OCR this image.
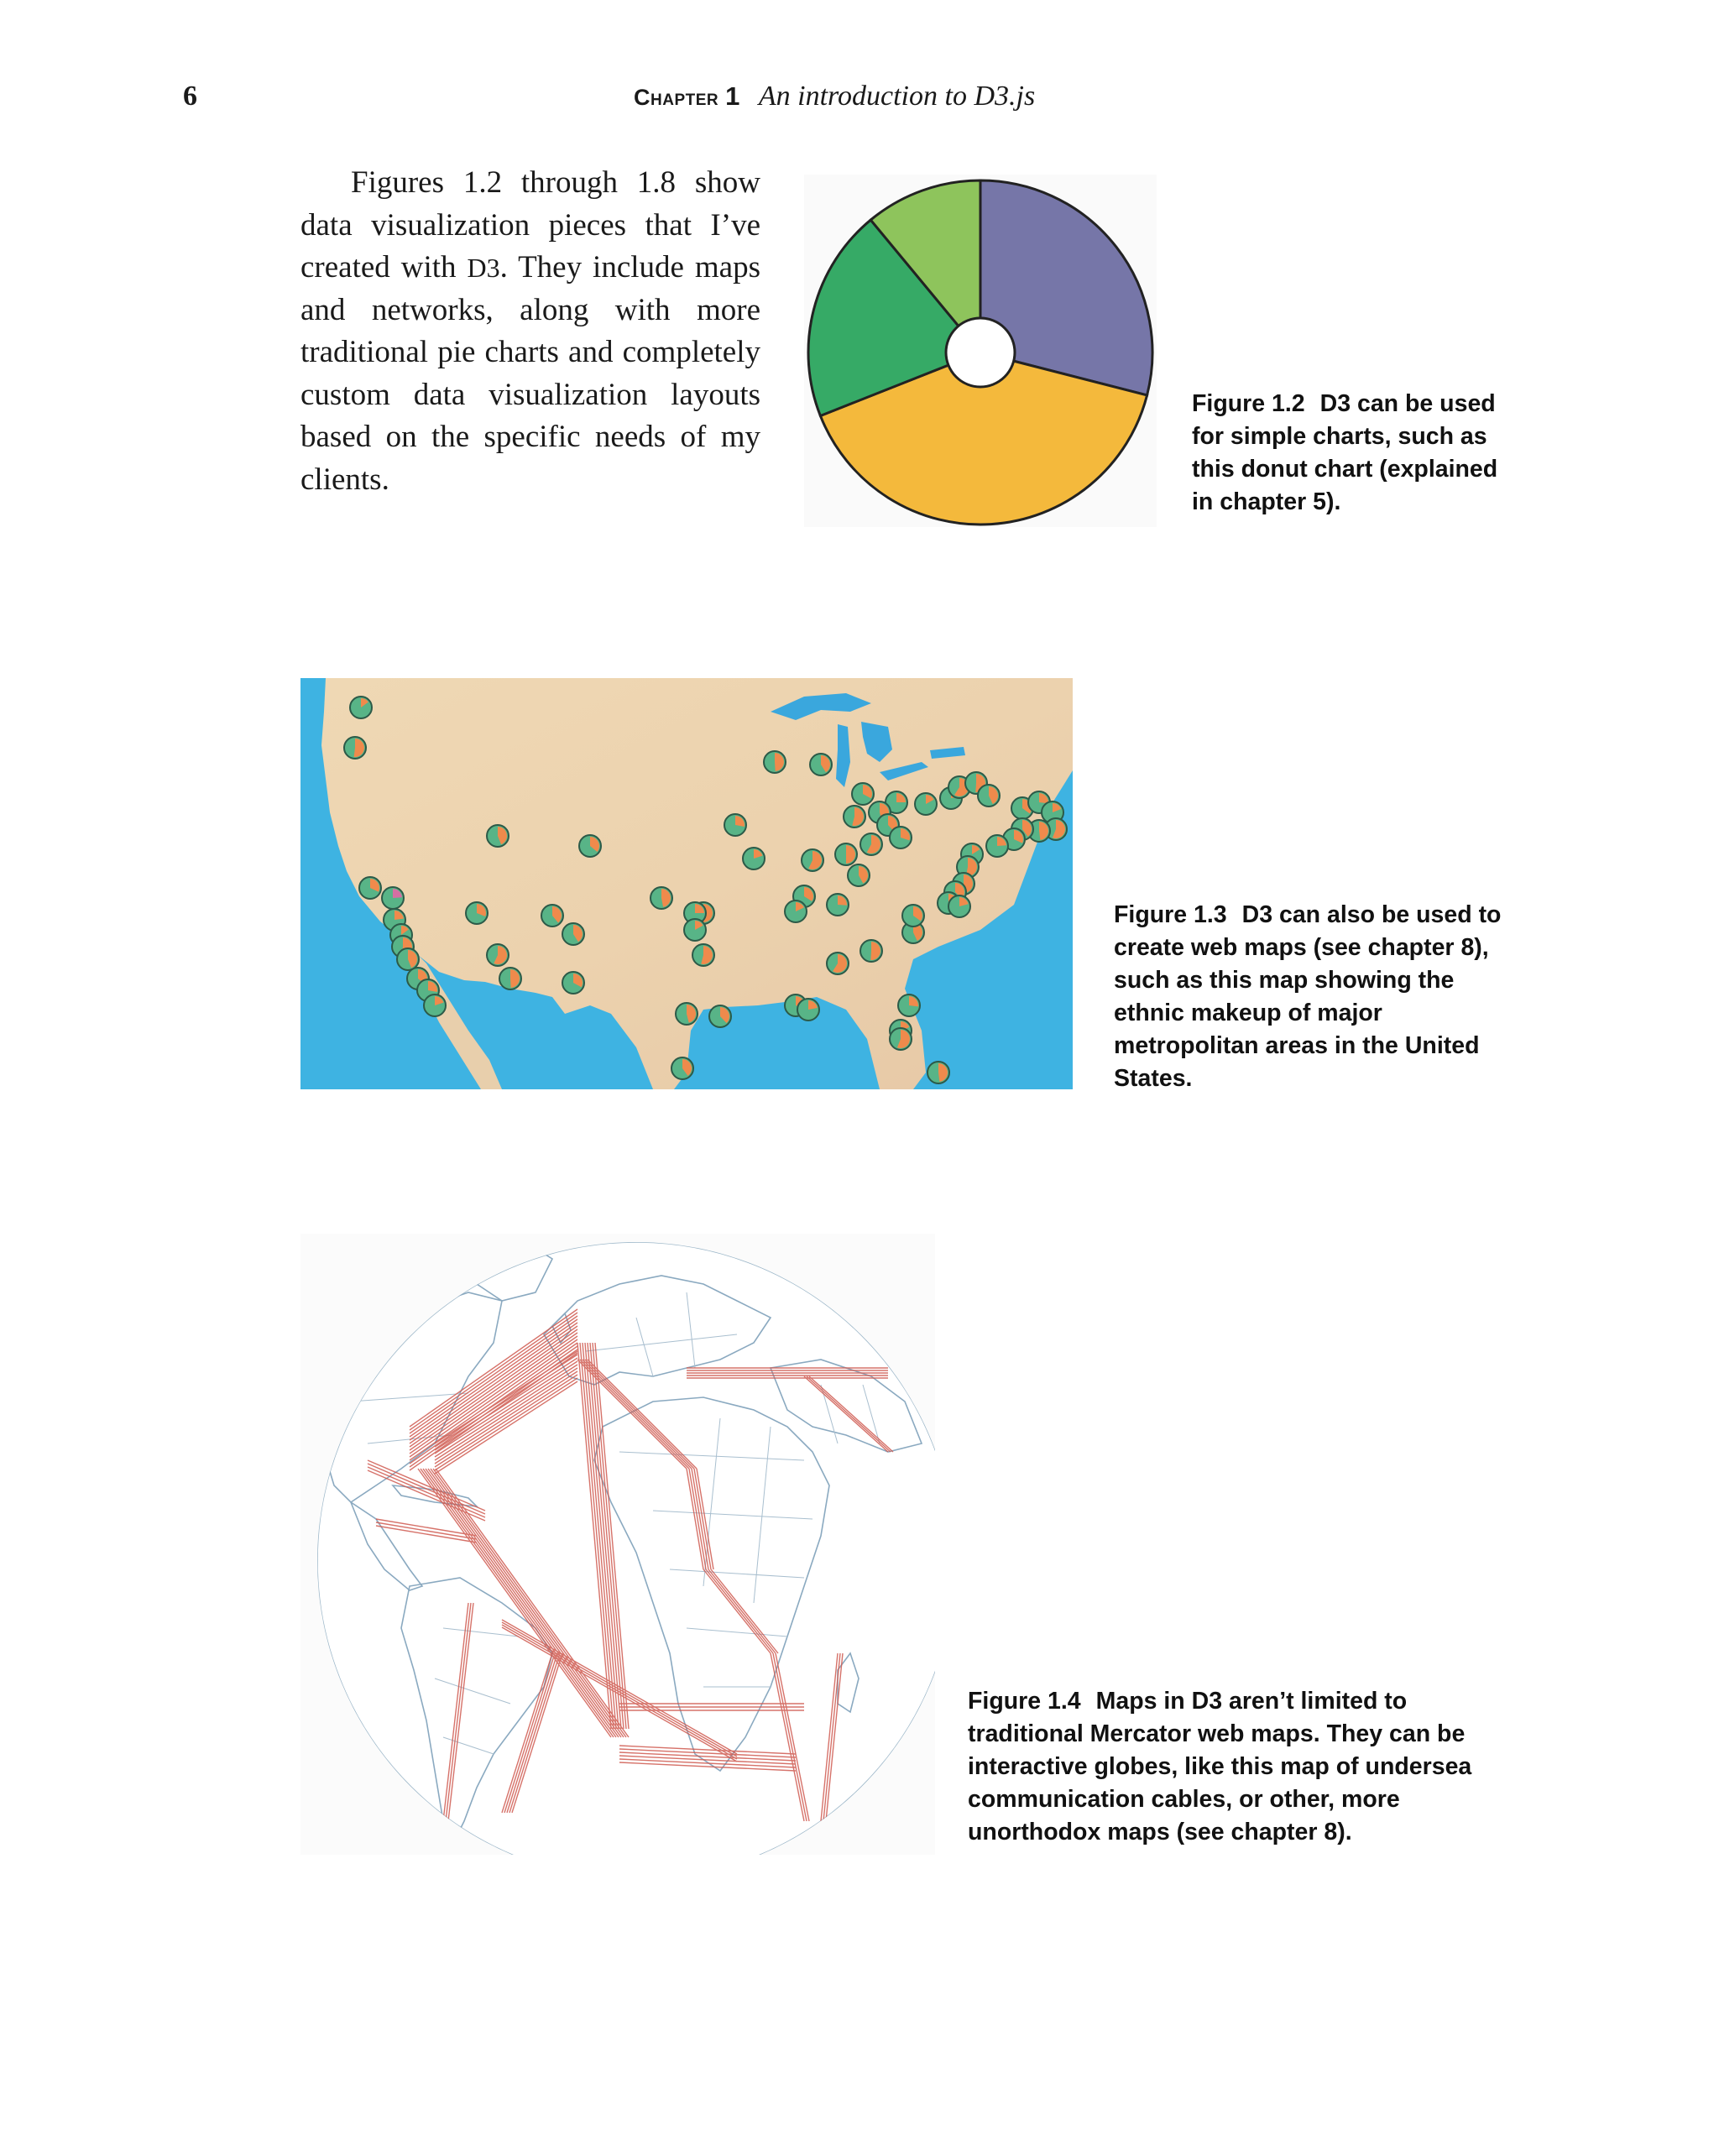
6	Chapter 1 An introduction to D3.js
Figures 1.2 through 1.8 show data visualization pieces that I’ve created with D3. They include maps and networks, along with more traditional pie charts and completely custom data visualization layouts based on the specific needs of my clients.
Figure 1.2 D3 can be used for simple charts, such as this donut chart (explained in chapter 5).
Figure 1.3 D3 can also be used to create web maps (see chapter 8), such as this map showing the ethnic makeup of major metropolitan areas in the United States.
Figure 1.4 Maps in D3 aren’t limited to traditional Mercator web maps. They can be interactive globes, like this map of undersea communication cables, or other, more unorthodox maps (see chapter 8).
